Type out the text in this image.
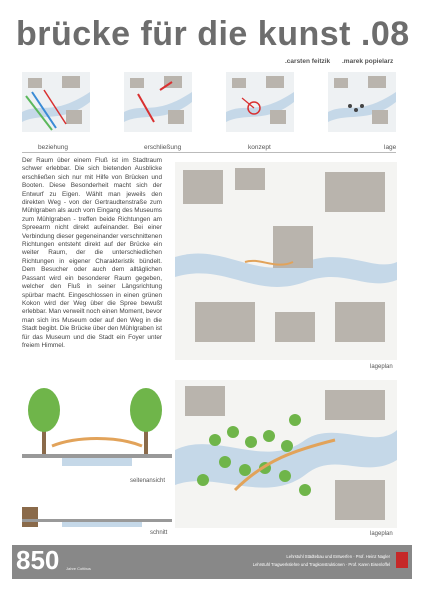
brücke für die kunst .08
.carsten feitzik .marek popielarz
beziehung	erschließung	konzept	lage
Der Raum über einem Fluß ist im Stadtraum schwer erlebbar. Die sich bietenden Ausblicke erschließen sich nur mit Hilfe von Brücken und Booten. Diese Besonderheit macht sich der Entwurf zu Eigen. Wählt man jeweils den direkten Weg - von der Gertraudtenstraße zum Mühlgraben als auch vom Eingang des Museums zum Mühlgraben - treffen beide Richtungen am Spreearm nicht direkt aufeinander. Bei einer Verbindung dieser gegeneinander verschnittenen Richtungen entsteht direkt auf der Brücke ein weiter Raum, der die unterschiedlichen Richtungen in eigener Charakteristik bündelt. Dem Besucher oder auch dem alltäglichen Passant wird ein besonderer Raum gegeben, welcher den Fluß in seiner Längsrichtung spürbar macht. Eingeschlossen in einen grünen Kokon wird der Weg über die Spree bewußt erlebbar. Man verweilt noch einen Moment, bevor man sich ins Museum oder auf den Weg in die Stadt begibt. Die Brücke über den Mühlgraben ist für das Museum und die Stadt ein Foyer unter freiem Himmel.
lageplan
seitenansicht
schnitt	lageplan
850 Jahre Cottbus
Lehrstuhl Städtebau und Entwerfen · Prof. Heinz Nagler
Lehrstuhl Tragwerkslehre und Tragkonstruktionen · Prof. Karen Eisenloffel
